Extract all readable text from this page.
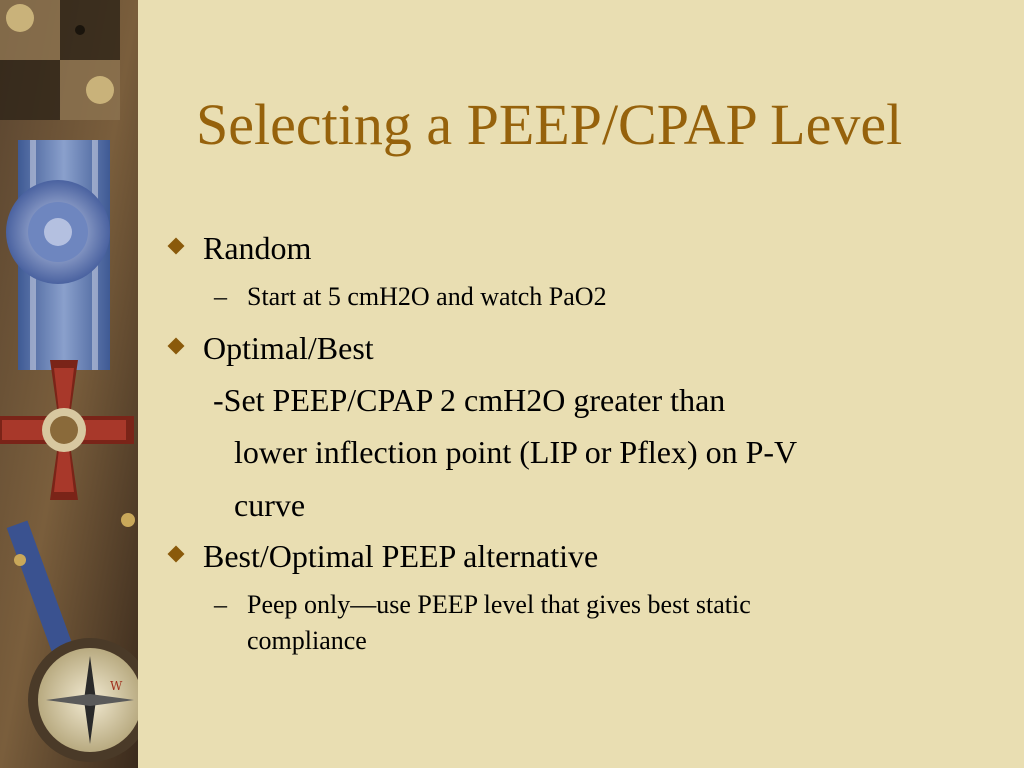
W
Selecting a PEEP/CPAP Level
Random
– Start at 5 cmH2O and watch PaO2
Optimal/Best
-Set PEEP/CPAP 2 cmH2O greater than
lower inflection point (LIP or Pflex) on P-V
curve
Best/Optimal PEEP alternative
– Peep only—use PEEP level that gives best static
compliance
